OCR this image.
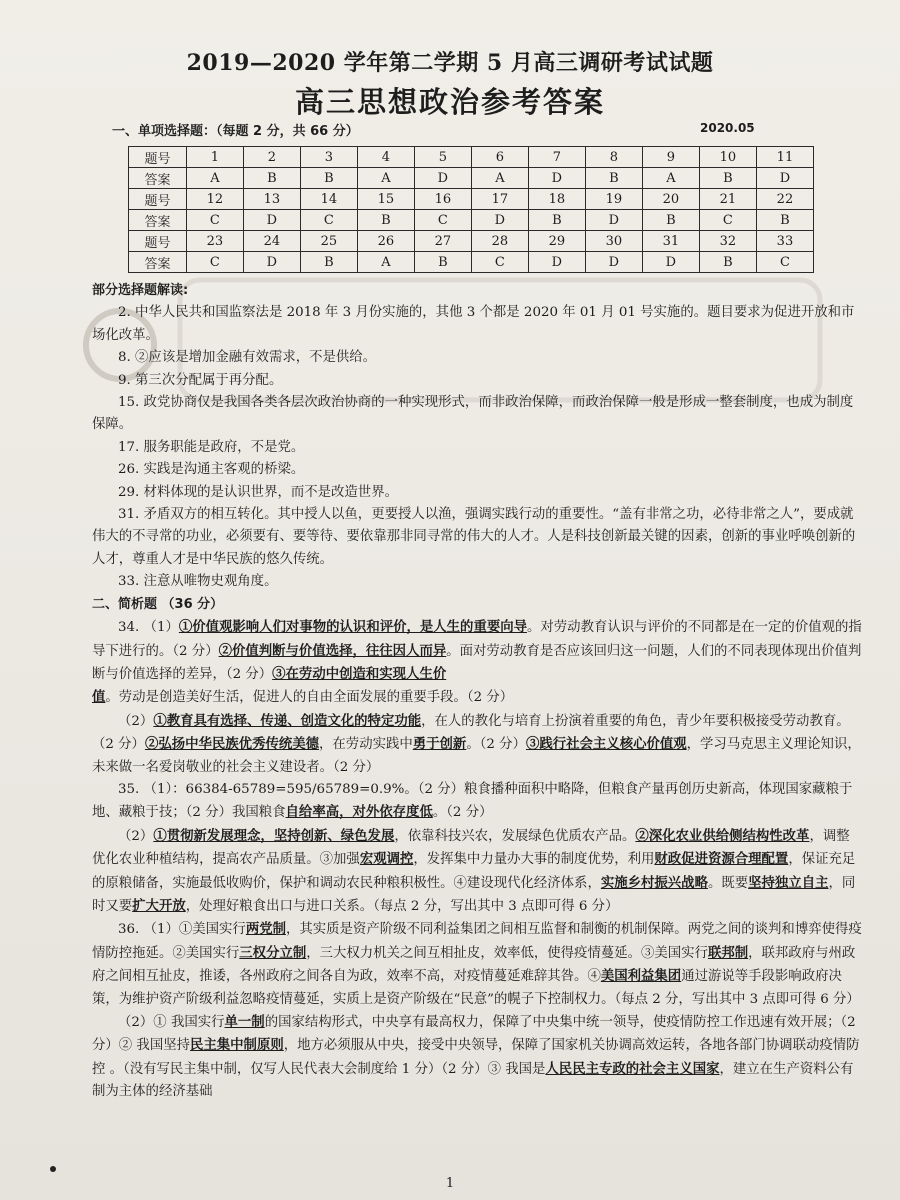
2019—2020 学年第二学期 5 月高三调研考试试题
高三思想政治参考答案
一、单项选择题：（每题 2 分，共 66 分）	2020.05
题号	1	2	3	4	5	6	7	8	9	10	11
答案	A	B	B	A	D	A	D	B	A	B	D
题号	12	13	14	15	16	17	18	19	20	21	22
答案	C	D	C	B	C	D	B	D	B	C	B
题号	23	24	25	26	27	28	29	30	31	32	33
答案	C	D	B	A	B	C	D	D	D	B	C

部分选择题解读:

2. 中华人民共和国监察法是 2018 年 3 月份实施的，其他 3 个都是 2020 年 01 月 01 号实施的。题目要求为促进开放和市场化改革。

8. ②应该是增加金融有效需求，不是供给。

9. 第三次分配属于再分配。

15. 政党协商仅是我国各类各层次政治协商的一种实现形式，而非政治保障，而政治保障一般是形成一整套制度，也成为制度保障。

17. 服务职能是政府，不是党。

26. 实践是沟通主客观的桥梁。

29. 材料体现的是认识世界，而不是改造世界。

31. 矛盾双方的相互转化。其中授人以鱼，更要授人以渔，强调实践行动的重要性。“盖有非常之功，必待非常之人”，要成就伟大的不寻常的功业，必须要有、要等待、要依靠那非同寻常的伟大的人才。人是科技创新最关键的因素，创新的事业呼唤创新的人才，尊重人才是中华民族的悠久传统。

33. 注意从唯物史观角度。

二、简析题 （36 分）

34. （1）①价值观影响人们对事物的认识和评价，是人生的重要向导。对劳动教育认识与评价的不同都是在一定的价值观的指导下进行的。（2 分）②价值判断与价值选择，往往因人而异。面对劳动教育是否应该回归这一问题，人们的不同表现体现出价值判断与价值选择的差异，（2 分）③在劳动中创造和实现人生价值。劳动是创造美好生活，促进人的自由全面发展的重要手段。（2 分）

（2）①教育具有选择、传递、创造文化的特定功能，在人的教化与培育上扮演着重要的角色，青少年要积极接受劳动教育。（2 分）②弘扬中华民族优秀传统美德，在劳动实践中勇于创新。（2 分）③践行社会主义核心价值观，学习马克思主义理论知识，未来做一名爱岗敬业的社会主义建设者。（2 分）

35. （1）：66384-65789=595/65789=0.9%。（2 分）粮食播种面积中略降，但粮食产量再创历史新高，体现国家藏粮于地、藏粮于技；（2 分）我国粮食自给率高，对外依存度低。（2 分）

（2）①贯彻新发展理念，坚持创新、绿色发展，依靠科技兴农，发展绿色优质农产品。②深化农业供给侧结构性改革，调整优化农业种植结构，提高农产品质量。③加强宏观调控，发挥集中力量办大事的制度优势，利用财政促进资源合理配置，保证充足的原粮储备，实施最低收购价，保护和调动农民种粮积极性。④建设现代化经济体系，实施乡村振兴战略。既要坚持独立自主，同时又要扩大开放，处理好粮食出口与进口关系。（每点 2 分，写出其中 3 点即可得 6 分）

36. （1）①美国实行两党制，其实质是资产阶级不同利益集团之间相互监督和制衡的机制保障。两党之间的谈判和博弈使得疫情防控拖延。②美国实行三权分立制，三大权力机关之间互相扯皮，效率低，使得疫情蔓延。③美国实行联邦制，联邦政府与州政府之间相互扯皮，推诿，各州政府之间各自为政，效率不高，对疫情蔓延难辞其咎。④美国利益集团通过游说等手段影响政府决策，为维护资产阶级利益忽略疫情蔓延，实质上是资产阶级在“民意”的幌子下控制权力。（每点 2 分，写出其中 3 点即可得 6 分）

（2）① 我国实行单一制的国家结构形式，中央享有最高权力，保障了中央集中统一领导，使疫情防控工作迅速有效开展；（2 分）② 我国坚持民主集中制原则，地方必须服从中央，接受中央领导，保障了国家机关协调高效运转，各地各部门协调联动疫情防控 。（没有写民主集中制，仅写人民代表大会制度给 1 分）（2 分）③ 我国是人民民主专政的社会主义国家，建立在生产资料公有制为主体的经济基础

1
